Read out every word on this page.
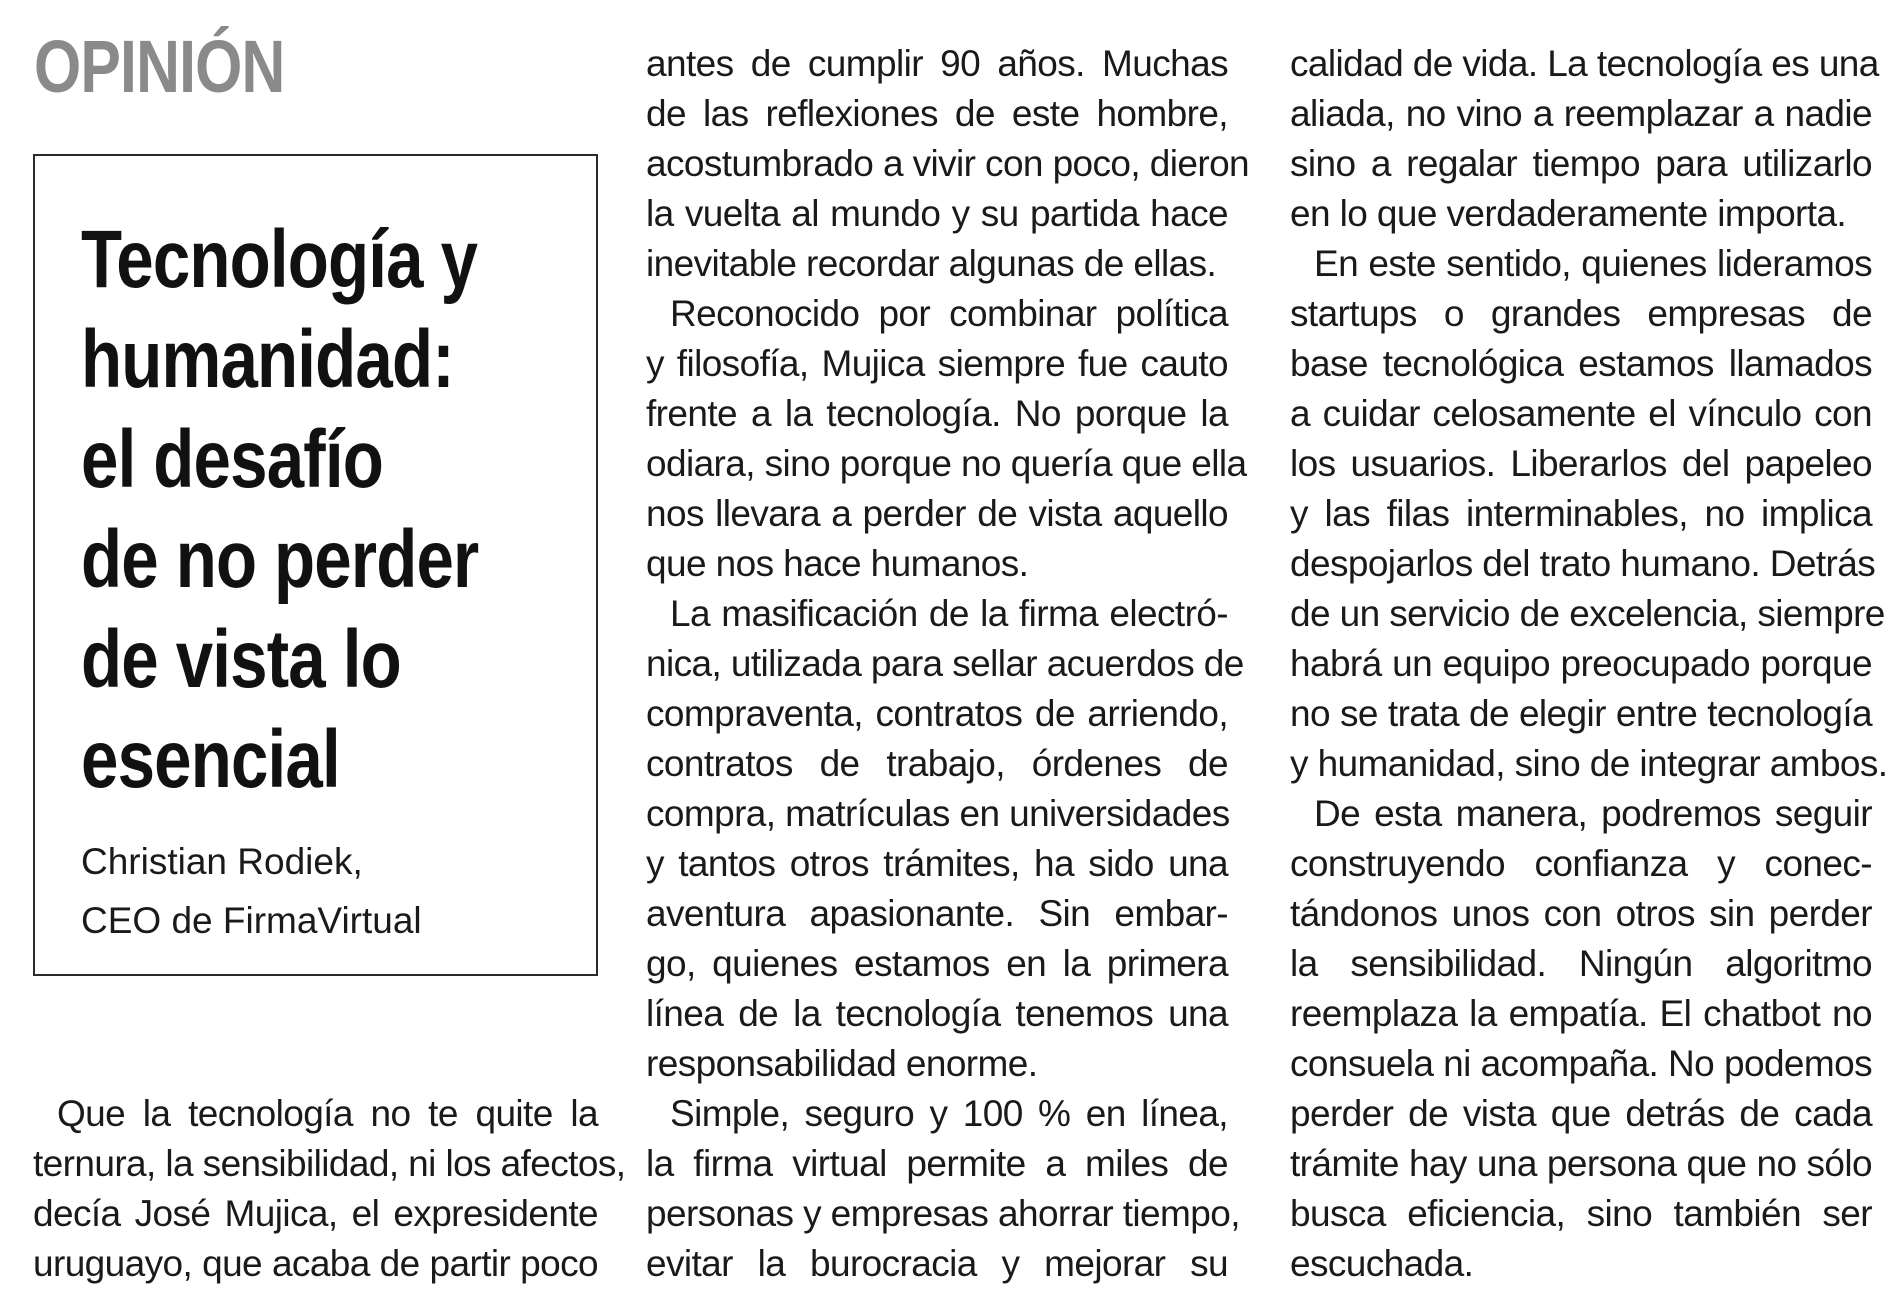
OPINIÓN
Tecnología y
humanidad:
el desafío
de no perder
de vista lo
esencial
Christian Rodiek,
CEO de FirmaVirtual
Que la tecnología no te quite la
ternura, la sensibilidad, ni los afectos,
decía José Mujica, el expresidente
uruguayo, que acaba de partir poco
antes de cumplir 90 años. Muchas
de las reflexiones de este hombre,
acostumbrado a vivir con poco, dieron
la vuelta al mundo y su partida hace
inevitable recordar algunas de ellas.
Reconocido por combinar política
y filosofía, Mujica siempre fue cauto
frente a la tecnología. No porque la
odiara, sino porque no quería que ella
nos llevara a perder de vista aquello
que nos hace humanos.
La masificación de la firma electró-
nica, utilizada para sellar acuerdos de
compraventa, contratos de arriendo,
contratos de trabajo, órdenes de
compra, matrículas en universidades
y tantos otros trámites, ha sido una
aventura apasionante. Sin embar-
go, quienes estamos en la primera
línea de la tecnología tenemos una
responsabilidad enorme.
Simple, seguro y 100 % en línea,
la firma virtual permite a miles de
personas y empresas ahorrar tiempo,
evitar la burocracia y mejorar su
calidad de vida. La tecnología es una
aliada, no vino a reemplazar a nadie
sino a regalar tiempo para utilizarlo
en lo que verdaderamente importa.
En este sentido, quienes lideramos
startups o grandes empresas de
base tecnológica estamos llamados
a cuidar celosamente el vínculo con
los usuarios. Liberarlos del papeleo
y las filas interminables, no implica
despojarlos del trato humano. Detrás
de un servicio de excelencia, siempre
habrá un equipo preocupado porque
no se trata de elegir entre tecnología
y humanidad, sino de integrar ambos.
De esta manera, podremos seguir
construyendo confianza y conec-
tándonos unos con otros sin perder
la sensibilidad. Ningún algoritmo
reemplaza la empatía. El chatbot no
consuela ni acompaña. No podemos
perder de vista que detrás de cada
trámite hay una persona que no sólo
busca eficiencia, sino también ser
escuchada.
